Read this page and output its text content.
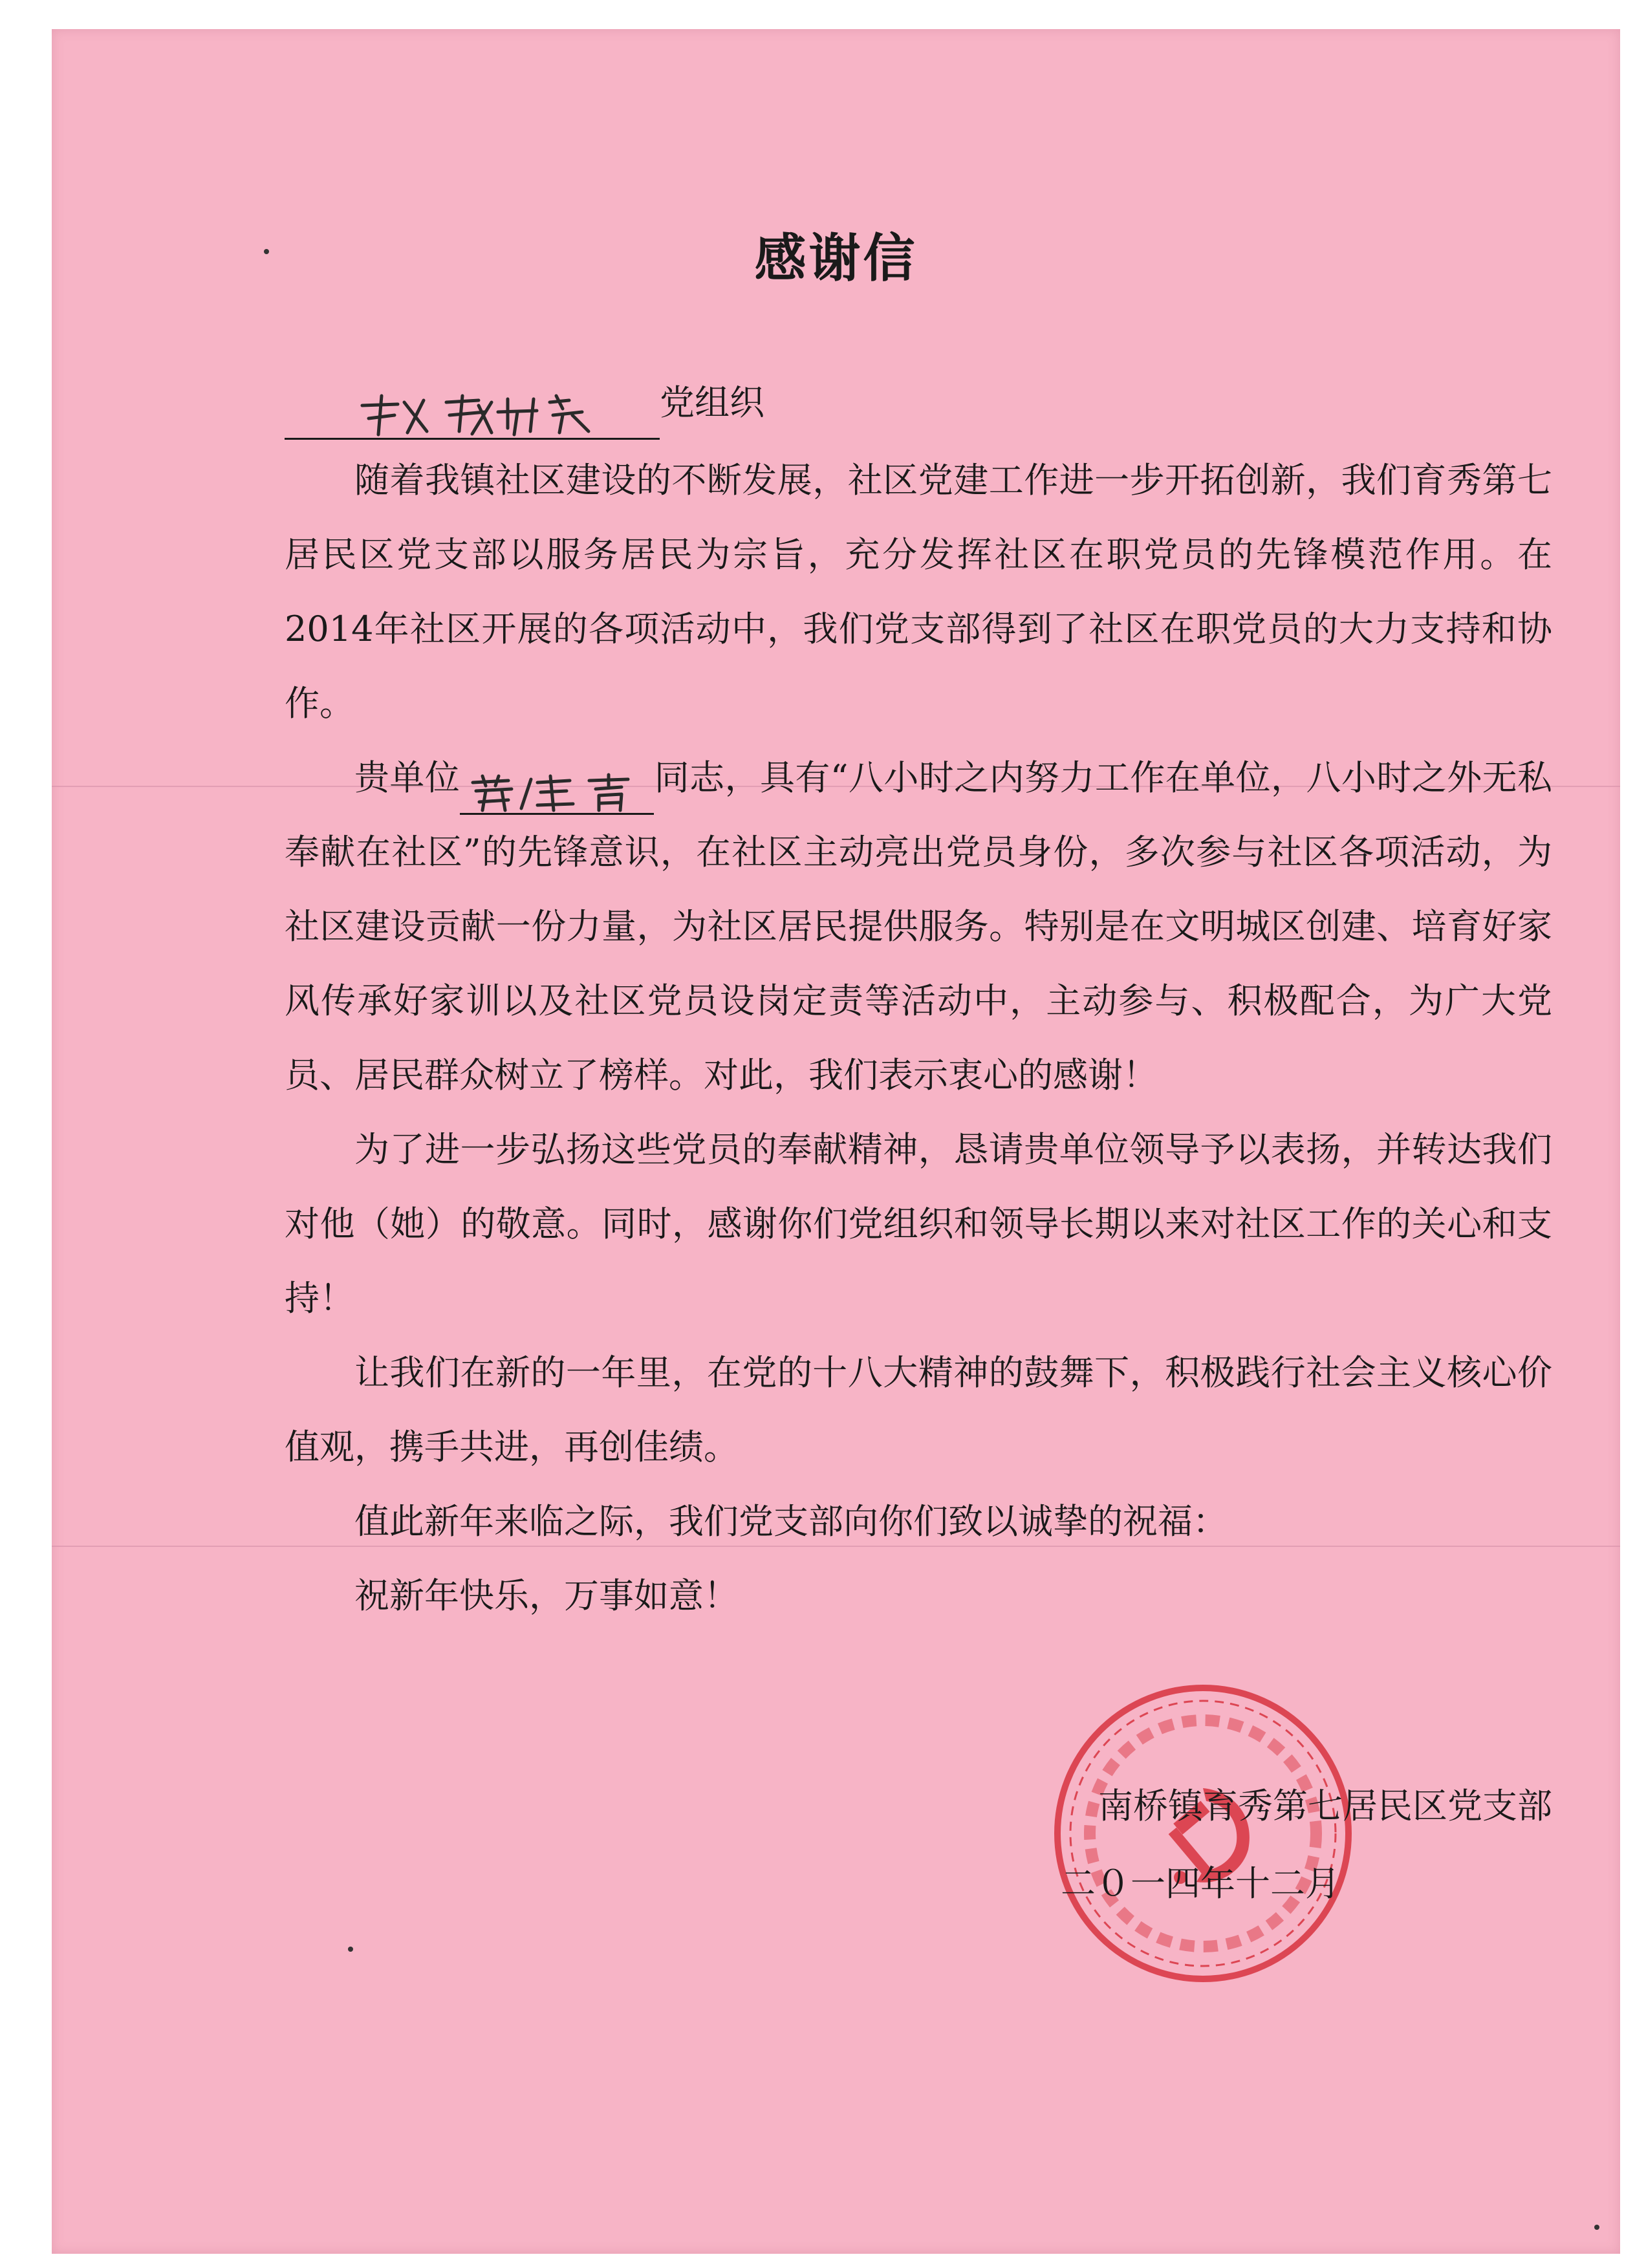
感谢信
党组织

随着我镇社区建设的不断发展，社区党建工作进一步开拓创新，我们育秀第七居民区党支部以服务居民为宗旨，充分发挥社区在职党员的先锋模范作用。在2014年社区开展的各项活动中，我们党支部得到了社区在职党员的大力支持和协作。

贵单位	同志，具有“八小时之内努力工作在单位，八小时之外无私奉献在社区”的先锋意识，在社区主动亮出党员身份，多次参与社区各项活动，为社区建设贡献一份力量，为社区居民提供服务。特别是在文明城区创建、培育好家风传承好家训以及社区党员设岗定责等活动中，主动参与、积极配合，为广大党员、居民群众树立了榜样。对此，我们表示衷心的感谢！

为了进一步弘扬这些党员的奉献精神，恳请贵单位领导予以表扬，并转达我们对他（她）的敬意。同时，感谢你们党组织和领导长期以来对社区工作的关心和支持！

让我们在新的一年里，在党的十八大精神的鼓舞下，积极践行社会主义核心价值观，携手共进，再创佳绩。

值此新年来临之际，我们党支部向你们致以诚挚的祝福：

祝新年快乐，万事如意！

南桥镇育秀第七居民区党支部
二０一四年十二月
